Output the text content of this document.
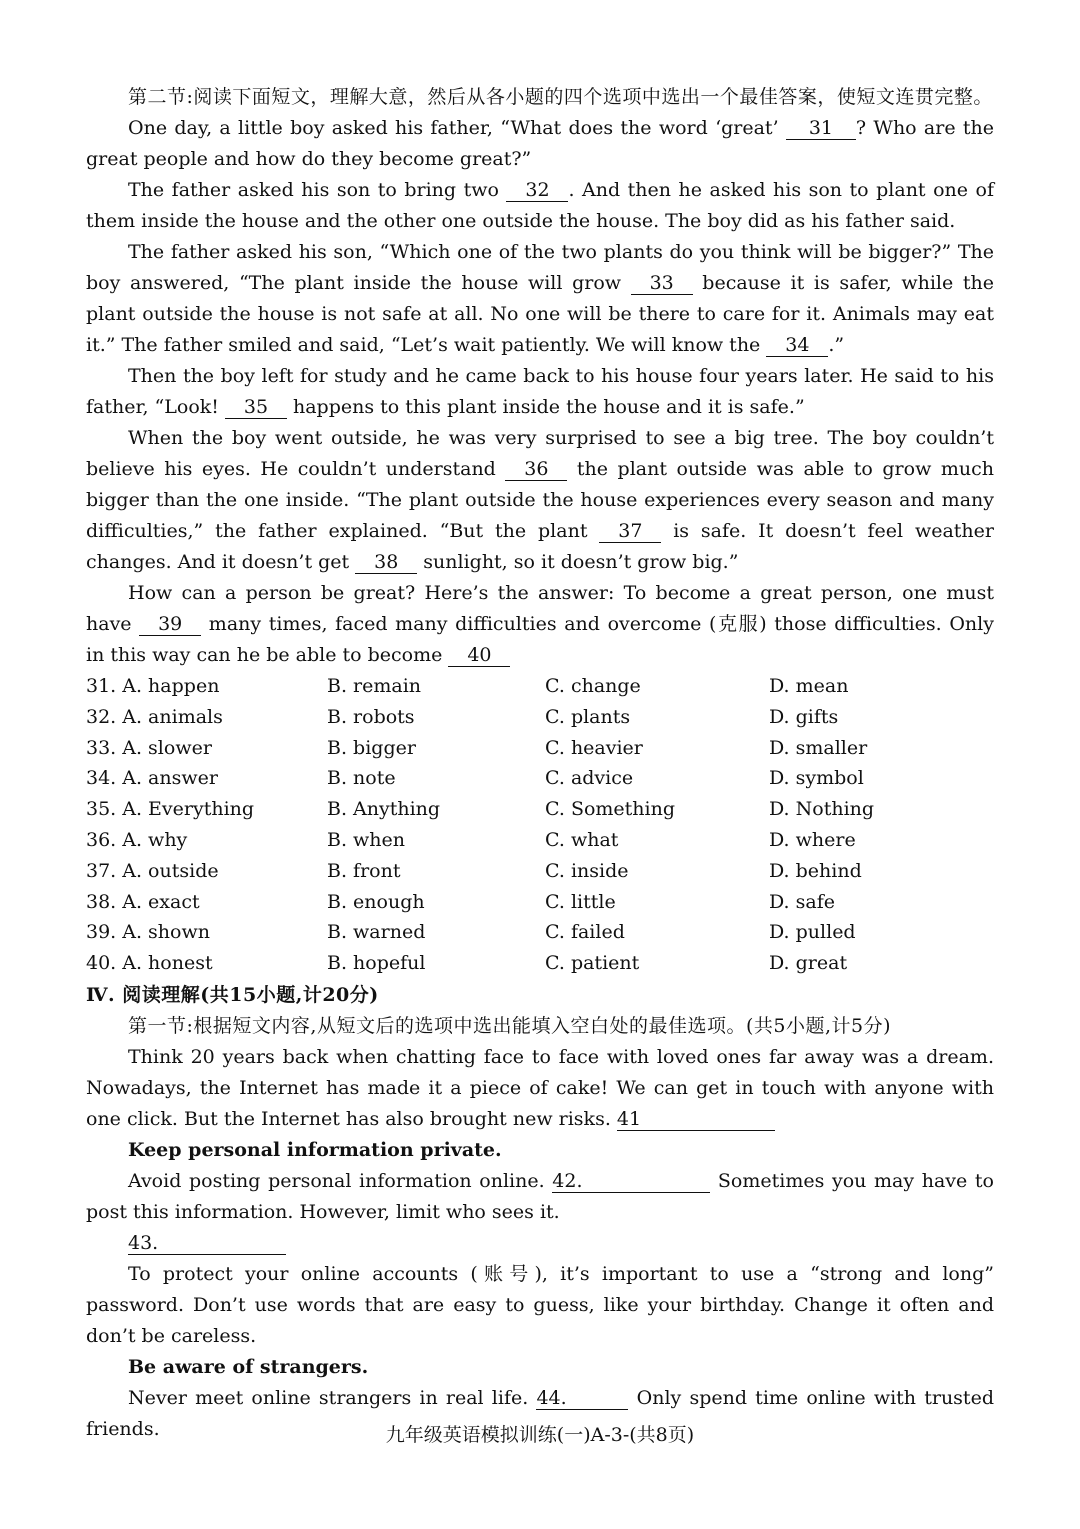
第二节:阅读下面短文，理解大意，然后从各小题的四个选项中选出一个最佳答案，使短文连贯完整。

One day, a little boy asked his father, “What does the word ‘great’ 31 ? Who are the great people and how do they become great?”

The father asked his son to bring two 32 . And then he asked his son to plant one of them inside the house and the other one outside the house. The boy did as his father said.

The father asked his son, “Which one of the two plants do you think will be bigger?” The boy answered, “The plant inside the house will grow 33 because it is safer, while the plant outside the house is not safe at all. No one will be there to care for it. Animals may eat it.” The father smiled and said, “Let’s wait patiently. We will know the 34 .”

Then the boy left for study and he came back to his house four years later. He said to his father, “Look! 35 happens to this plant inside the house and it is safe.”

When the boy went outside, he was very surprised to see a big tree. The boy couldn’t believe his eyes. He couldn’t understand 36 the plant outside was able to grow much bigger than the one inside. “The plant outside the house experiences every season and many difficulties,” the father explained. “But the plant 37 is safe. It doesn’t feel weather changes. And it doesn’t get 38 sunlight, so it doesn’t grow big.”

How can a person be great? Here’s the answer: To become a great person, one must have 39 many times, faced many difficulties and overcome (克服) those difficulties. Only in this way can he be able to become 40

31. A. happen	B. remain	C. change	D. mean
32. A. animals	B. robots	C. plants	D. gifts
33. A. slower	B. bigger	C. heavier	D. smaller
34. A. answer	B. note	C. advice	D. symbol
35. A. Everything	B. Anything	C. Something	D. Nothing
36. A. why	B. when	C. what	D. where
37. A. outside	B. front	C. inside	D. behind
38. A. exact	B. enough	C. little	D. safe
39. A. shown	B. warned	C. failed	D. pulled
40. A. honest	B. hopeful	C. patient	D. great

Ⅳ. 阅读理解(共15小题,计20分)

第一节:根据短文内容,从短文后的选项中选出能填入空白处的最佳选项。(共5小题,计5分)

Think 20 years back when chatting face to face with loved ones far away was a dream. Nowadays, the Internet has made it a piece of cake! We can get in touch with anyone with one click. But the Internet has also brought new risks. 41

Keep personal information private.

Avoid posting personal information online. 42.	Sometimes you may have to post this information. However, limit who sees it.

43.

To protect your online accounts (账号), it’s important to use a “strong and long” password. Don’t use words that are easy to guess, like your birthday. Change it often and don’t be careless.

Be aware of strangers.

Never meet online strangers in real life. 44.	Only spend time online with trusted friends.	九年级英语模拟训练(一)A-3-(共8页)
